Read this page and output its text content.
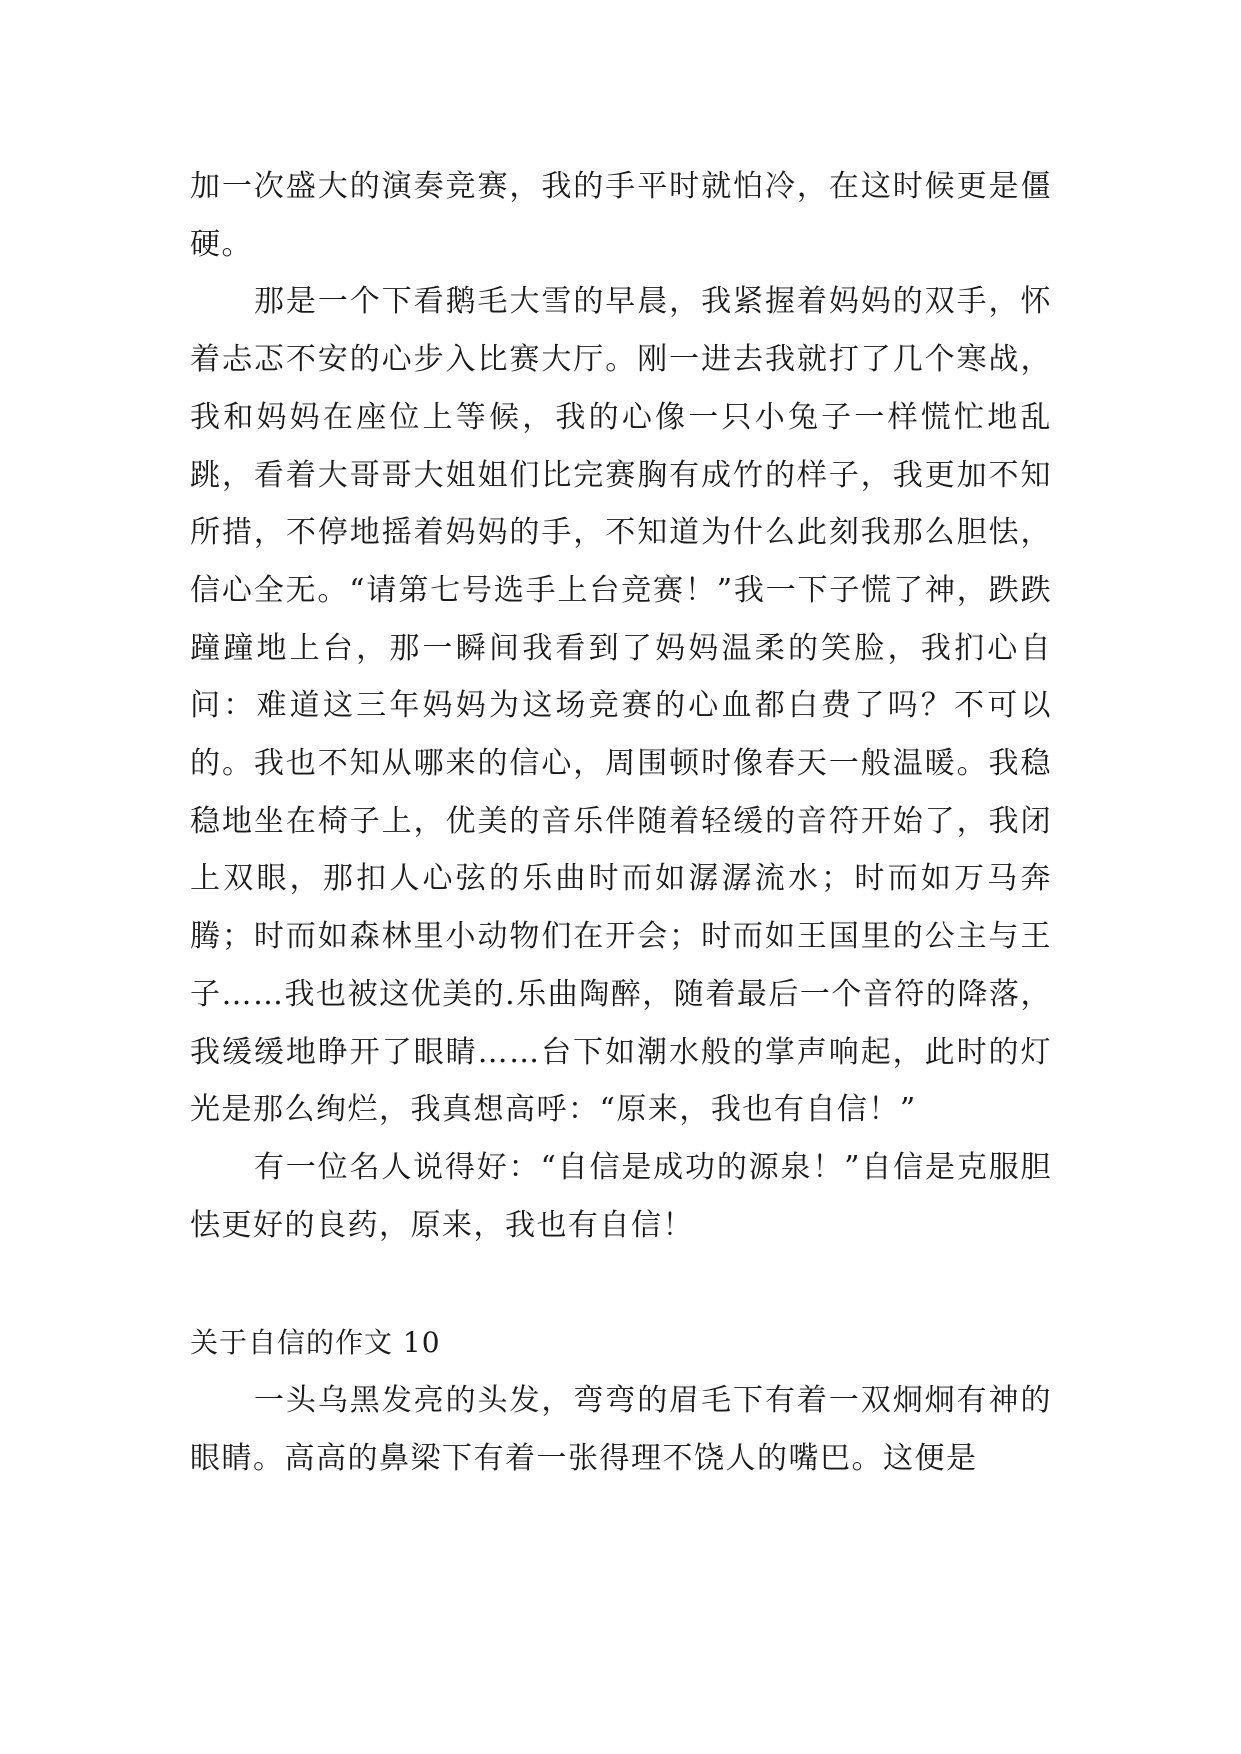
加一次盛大的演奏竞赛，我的手平时就怕冷，在这时候更是僵硬。

那是一个下看鹅毛大雪的早晨，我紧握着妈妈的双手，怀着忐忑不安的心步入比赛大厅。刚一进去我就打了几个寒战，我和妈妈在座位上等候，我的心像一只小兔子一样慌忙地乱跳，看着大哥哥大姐姐们比完赛胸有成竹的样子，我更加不知所措，不停地摇着妈妈的手，不知道为什么此刻我那么胆怯，信心全无。“请第七号选手上台竞赛！”我一下子慌了神，跌跌蹱蹱地上台，那一瞬间我看到了妈妈温柔的笑脸，我扪心自问：难道这三年妈妈为这场竞赛的心血都白费了吗？不可以的。我也不知从哪来的信心，周围顿时像春天一般温暖。我稳稳地坐在椅子上，优美的音乐伴随着轻缓的音符开始了，我闭上双眼，那扣人心弦的乐曲时而如潺潺流水；时而如万马奔腾；时而如森林里小动物们在开会；时而如王国里的公主与王子……我也被这优美的.乐曲陶醉，随着最后一个音符的降落，我缓缓地睁开了眼睛……台下如潮水般的掌声响起，此时的灯光是那么绚烂，我真想高呼：“原来，我也有自信！”

有一位名人说得好：“自信是成功的源泉！”自信是克服胆怯更好的良药，原来，我也有自信！

关于自信的作文 10

一头乌黑发亮的头发，弯弯的眉毛下有着一双炯炯有神的眼睛。高高的鼻梁下有着一张得理不饶人的嘴巴。这便是
